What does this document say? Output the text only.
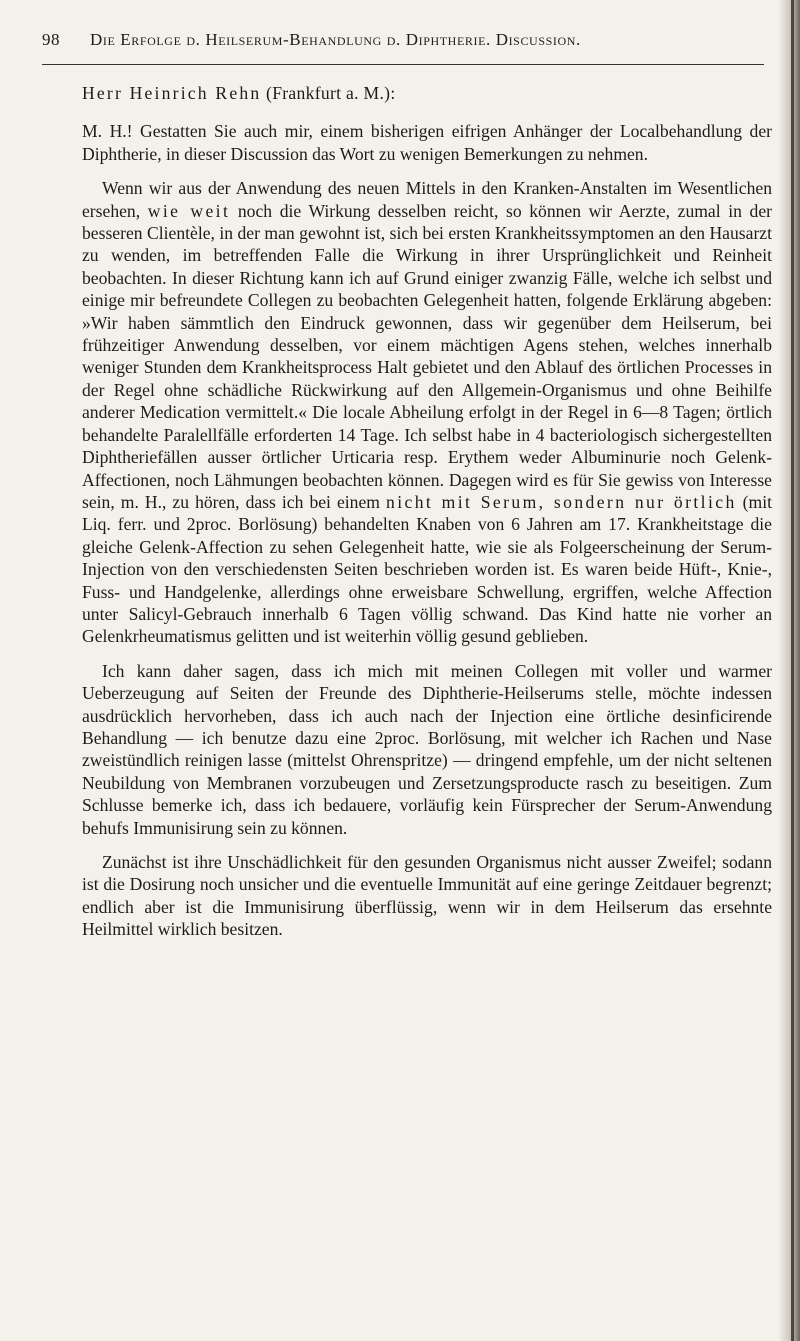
98	Die Erfolge d. Heilserum-Behandlung d. Diphtherie. Discussion.
Herr Heinrich Rehn (Frankfurt a. M.):

M. H.! Gestatten Sie auch mir, einem bisherigen eifrigen Anhänger der Localbehandlung der Diphtherie, in dieser Discussion das Wort zu wenigen Bemerkungen zu nehmen.

Wenn wir aus der Anwendung des neuen Mittels in den Kranken-Anstalten im Wesentlichen ersehen, wie weit noch die Wirkung desselben reicht, so können wir Aerzte, zumal in der besseren Clientèle, in der man gewohnt ist, sich bei ersten Krankheitssymptomen an den Hausarzt zu wenden, im betreffenden Falle die Wirkung in ihrer Ursprünglichkeit und Reinheit beobachten. In dieser Richtung kann ich auf Grund einiger zwanzig Fälle, welche ich selbst und einige mir befreundete Collegen zu beobachten Gelegenheit hatten, folgende Erklärung abgeben: »Wir haben sämmtlich den Eindruck gewonnen, dass wir gegenüber dem Heilserum, bei frühzeitiger Anwendung desselben, vor einem mächtigen Agens stehen, welches innerhalb weniger Stunden dem Krankheitsprocess Halt gebietet und den Ablauf des örtlichen Processes in der Regel ohne schädliche Rückwirkung auf den Allgemein-Organismus und ohne Beihilfe anderer Medication vermittelt.« Die locale Abheilung erfolgt in der Regel in 6—8 Tagen; örtlich behandelte Paralellfälle erforderten 14 Tage. Ich selbst habe in 4 bacteriologisch sichergestellten Diphtheriefällen ausser örtlicher Urticaria resp. Erythem weder Albuminurie noch Gelenk-Affectionen, noch Lähmungen beobachten können. Dagegen wird es für Sie gewiss von Interesse sein, m. H., zu hören, dass ich bei einem nicht mit Serum, sondern nur örtlich (mit Liq. ferr. und 2proc. Borlösung) behandelten Knaben von 6 Jahren am 17. Krankheitstage die gleiche Gelenk-Affection zu sehen Gelegenheit hatte, wie sie als Folgeerscheinung der Serum-Injection von den verschiedensten Seiten beschrieben worden ist. Es waren beide Hüft-, Knie-, Fuss- und Handgelenke, allerdings ohne erweisbare Schwellung, ergriffen, welche Affection unter Salicyl-Gebrauch innerhalb 6 Tagen völlig schwand. Das Kind hatte nie vorher an Gelenkrheumatismus gelitten und ist weiterhin völlig gesund geblieben.

Ich kann daher sagen, dass ich mich mit meinen Collegen mit voller und warmer Ueberzeugung auf Seiten der Freunde des Diphtherie-Heilserums stelle, möchte indessen ausdrücklich hervorheben, dass ich auch nach der Injection eine örtliche desinficirende Behandlung — ich benutze dazu eine 2proc. Borlösung, mit welcher ich Rachen und Nase zweistündlich reinigen lasse (mittelst Ohrenspritze) — dringend empfehle, um der nicht seltenen Neubildung von Membranen vorzubeugen und Zersetzungsproducte rasch zu beseitigen. Zum Schlusse bemerke ich, dass ich bedauere, vorläufig kein Fürsprecher der Serum-Anwendung behufs Immunisirung sein zu können.

Zunächst ist ihre Unschädlichkeit für den gesunden Organismus nicht ausser Zweifel; sodann ist die Dosirung noch unsicher und die eventuelle Immunität auf eine geringe Zeitdauer begrenzt; endlich aber ist die Immunisirung überflüssig, wenn wir in dem Heilserum das ersehnte Heilmittel wirklich besitzen.
